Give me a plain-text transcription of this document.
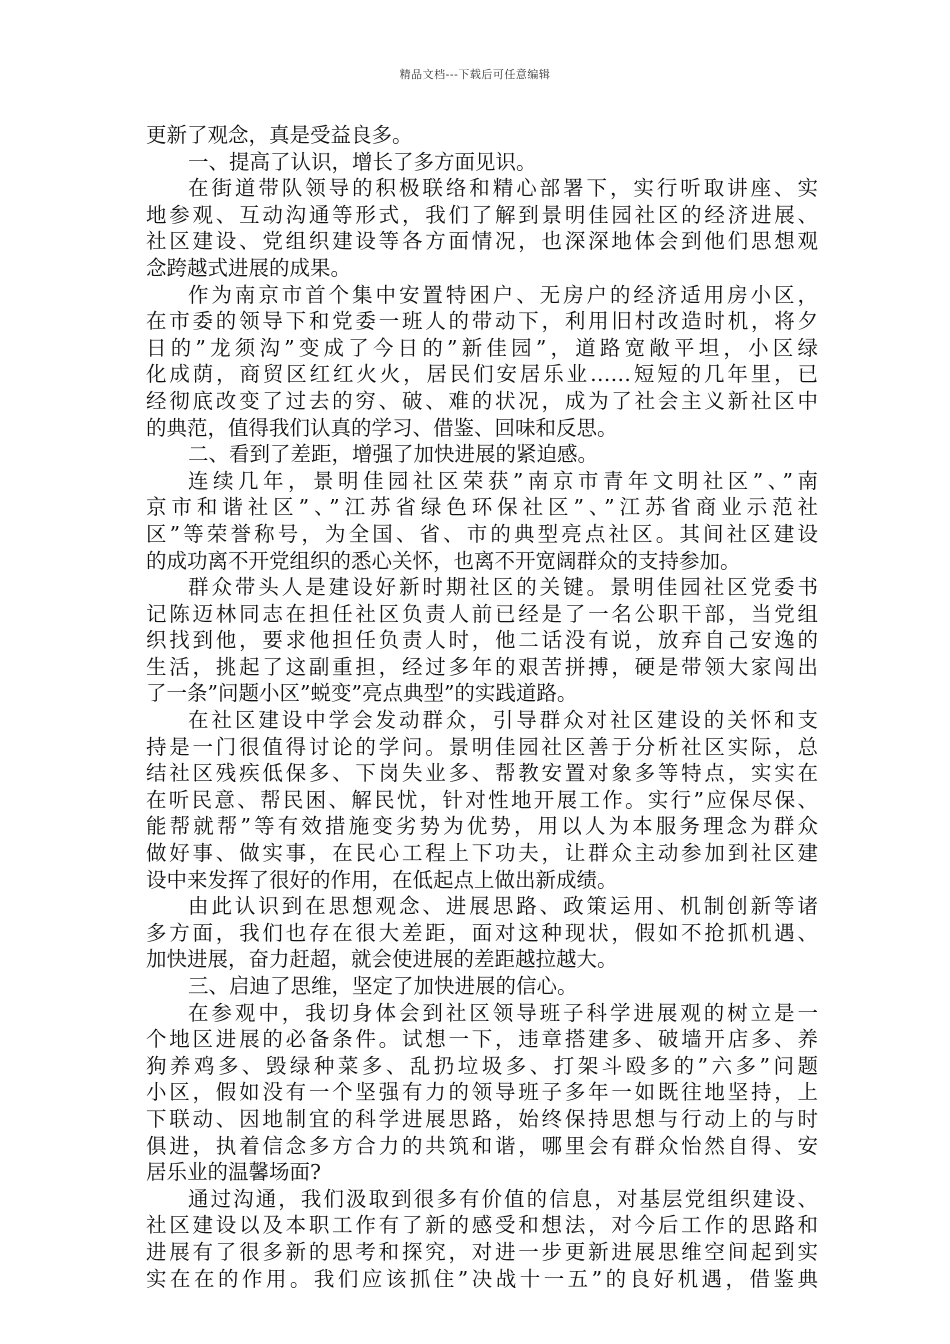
精品文档---下载后可任意编辑
更新了观念，真是受益良多。
一、提高了认识，增长了多方面见识。
在街道带队领导的积极联络和精心部署下，实行听取讲座、实
地参观、互动沟通等形式，我们了解到景明佳园社区的经济进展、
社区建设、党组织建设等各方面情况，也深深地体会到他们思想观
念跨越式进展的成果。
作为南京市首个集中安置特困户、无房户的经济适用房小区，
在市委的领导下和党委一班人的带动下，利用旧村改造时机，将夕
日的”龙须沟”变成了今日的”新佳园”，道路宽敞平坦，小区绿
化成荫，商贸区红红火火，居民们安居乐业……短短的几年里，已
经彻底改变了过去的穷、破、难的状况，成为了社会主义新社区中
的典范，值得我们认真的学习、借鉴、回味和反思。
二、看到了差距，增强了加快进展的紧迫感。
连续几年，景明佳园社区荣获”南京市青年文明社区”、”南
京市和谐社区”、”江苏省绿色环保社区”、”江苏省商业示范社
区”等荣誉称号，为全国、省、市的典型亮点社区。其间社区建设
的成功离不开党组织的悉心关怀，也离不开宽阔群众的支持参加。
群众带头人是建设好新时期社区的关键。景明佳园社区党委书
记陈迈林同志在担任社区负责人前已经是了一名公职干部，当党组
织找到他，要求他担任负责人时，他二话没有说，放弃自己安逸的
生活，挑起了这副重担，经过多年的艰苦拼搏，硬是带领大家闯出
了一条”问题小区”蜕变”亮点典型”的实践道路。
在社区建设中学会发动群众，引导群众对社区建设的关怀和支
持是一门很值得讨论的学问。景明佳园社区善于分析社区实际，总
结社区残疾低保多、下岗失业多、帮教安置对象多等特点，实实在
在听民意、帮民困、解民忧，针对性地开展工作。实行”应保尽保、
能帮就帮”等有效措施变劣势为优势，用以人为本服务理念为群众
做好事、做实事，在民心工程上下功夫，让群众主动参加到社区建
设中来发挥了很好的作用，在低起点上做出新成绩。
由此认识到在思想观念、进展思路、政策运用、机制创新等诸
多方面，我们也存在很大差距，面对这种现状，假如不抢抓机遇、
加快进展，奋力赶超，就会使进展的差距越拉越大。
三、启迪了思维，坚定了加快进展的信心。
在参观中，我切身体会到社区领导班子科学进展观的树立是一
个地区进展的必备条件。试想一下，违章搭建多、破墙开店多、养
狗养鸡多、毁绿种菜多、乱扔垃圾多、打架斗殴多的”六多”问题
小区，假如没有一个坚强有力的领导班子多年一如既往地坚持，上
下联动、因地制宜的科学进展思路，始终保持思想与行动上的与时
俱进，执着信念多方合力的共筑和谐，哪里会有群众怡然自得、安
居乐业的温馨场面?
通过沟通，我们汲取到很多有价值的信息，对基层党组织建设、
社区建设以及本职工作有了新的感受和想法，对今后工作的思路和
进展有了很多新的思考和探究，对进一步更新进展思维空间起到实
实在在的作用。我们应该抓住”决战十一五”的良好机遇，借鉴典
